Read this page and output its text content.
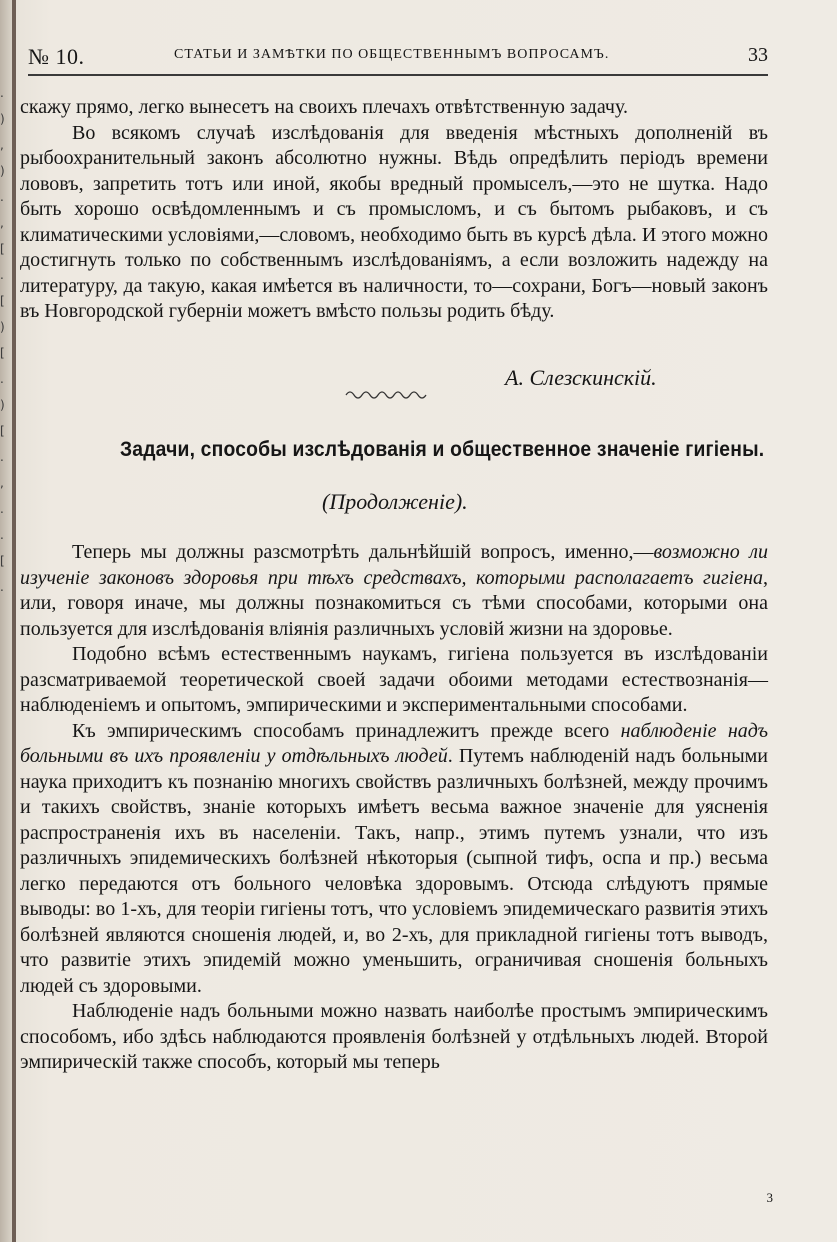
.
)
,
)
.
,
[
.
[
)
[
.
)
[
.
,
.
.
[
.
№ 10.	СТАТЬИ И ЗАМѢТКИ ПО ОБЩЕСТВЕННЫМЪ ВОПРОСАМЪ.	33

скажу прямо, легко вынесетъ на своихъ плечахъ отвѣтственную задачу.

Во всякомъ случаѣ изслѣдованія для введенія мѣстныхъ дополненій въ рыбоохранительный законъ абсолютно нужны. Вѣдь опредѣлить періодъ времени лововъ, запретить тотъ или иной, якобы вредный промыселъ,—это не шутка. Надо быть хорошо освѣдомленнымъ и съ промысломъ, и съ бытомъ рыбаковъ, и съ климатическими условіями,—словомъ, необходимо быть въ курсѣ дѣла. И этого можно достигнуть только по собственнымъ изслѣдованіямъ, а если возложить надежду на литературу, да такую, какая имѣется въ наличности, то—сохрани, Богъ—новый законъ въ Новгородской губерніи можетъ вмѣсто пользы родить бѣду.

А. Слезскинскій.
Задачи, способы изслѣдованія и общественное значеніе гигіены.
(Продолженіе).

Теперь мы должны разсмотрѣть дальнѣйшій вопросъ, именно,—возможно ли изученіе законовъ здоровья при тѣхъ средствахъ, которыми располагаетъ гигіена, или, говоря иначе, мы должны познакомиться съ тѣми способами, которыми она пользуется для изслѣдованія вліянія различныхъ условій жизни на здоровье.

Подобно всѣмъ естественнымъ наукамъ, гигіена пользуется въ изслѣдованіи разсматриваемой теоретической своей задачи обоими методами естествознанія—наблюденіемъ и опытомъ, эмпирическими и экспериментальными способами.

Къ эмпирическимъ способамъ принадлежитъ прежде всего наблюденіе надъ больными въ ихъ проявленіи у отдѣльныхъ людей. Путемъ наблюденій надъ больными наука приходитъ къ познанію многихъ свойствъ различныхъ болѣзней, между прочимъ и такихъ свойствъ, знаніе которыхъ имѣетъ весьма важное значеніе для уясненія распространенія ихъ въ населеніи. Такъ, напр., этимъ путемъ узнали, что изъ различныхъ эпидемическихъ болѣзней нѣкоторыя (сыпной тифъ, оспа и пр.) весьма легко передаются отъ больного человѣка здоровымъ. Отсюда слѣдуютъ прямые выводы: во 1-хъ, для теоріи гигіены тотъ, что условіемъ эпидемическаго развитія этихъ болѣзней являются сношенія людей, и, во 2-хъ, для прикладной гигіены тотъ выводъ, что развитіе этихъ эпидемій можно уменьшить, ограничивая сношенія больныхъ людей съ здоровыми.

Наблюденіе надъ больными можно назвать наиболѣе простымъ эмпирическимъ способомъ, ибо здѣсь наблюдаются проявленія болѣзней у отдѣльныхъ людей. Второй эмпирическій также способъ, который мы теперь

3
